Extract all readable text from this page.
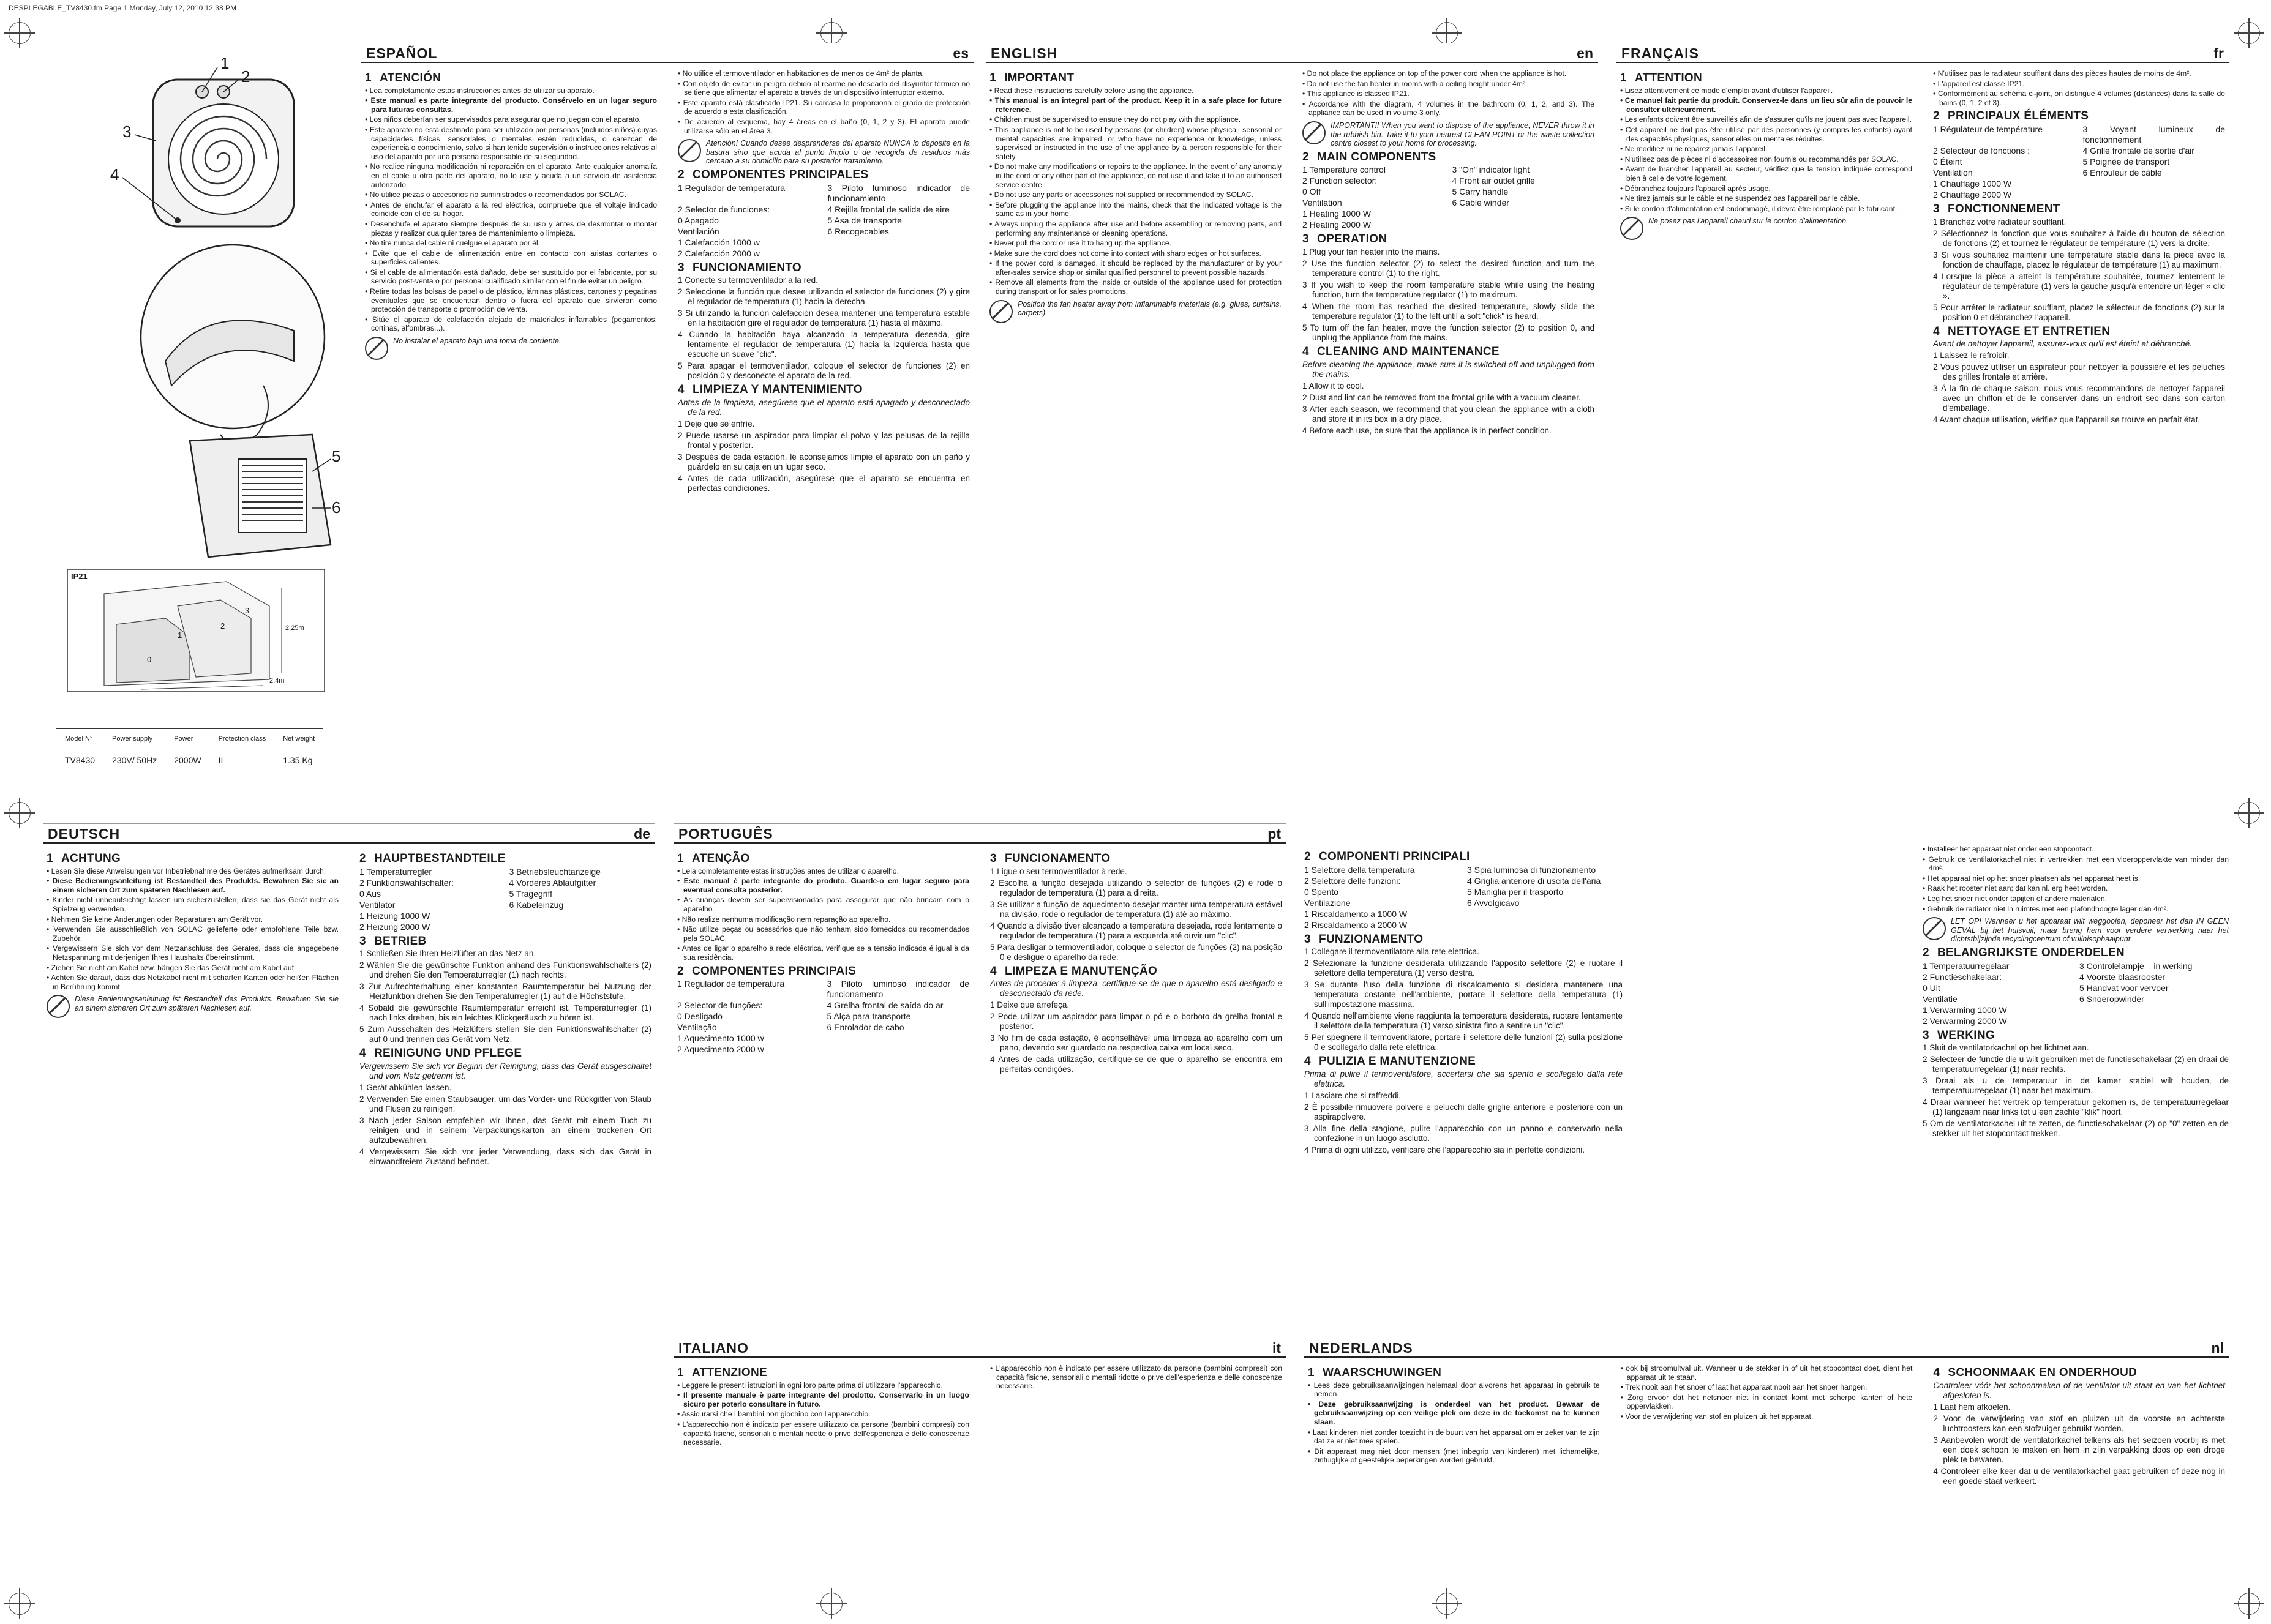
DESPLEGABLE_TV8430.fm Page 1 Monday, July 12, 2010 12:38 PM
1
2
3
4
5
6
IP21
0
1
2
3
2,25m
2,4m
Model N°	Power supply	Power	Protection class	Net weight
TV8430	230V/ 50Hz	2000W	II	1.35 Kg
ESPAÑOL	es
1 ATENCIÓN

• Lea completamente estas instrucciones antes de utilizar su aparato.

• Este manual es parte integrante del producto. Consérvelo en un lugar seguro para futuras consultas.

• Los niños deberían ser supervisados para asegurar que no juegan con el aparato.

• Este aparato no está destinado para ser utilizado por personas (incluidos niños) cuyas capacidades físicas, sensoriales o mentales estén reducidas, o carezcan de experiencia o conocimiento, salvo si han tenido supervisión o instrucciones relativas al uso del aparato por una persona responsable de su seguridad.

• No realice ninguna modificación ni reparación en el aparato. Ante cualquier anomalía en el cable u otra parte del aparato, no lo use y acuda a un servicio de asistencia autorizado.

• No utilice piezas o accesorios no suministrados o recomendados por SOLAC.

• Antes de enchufar el aparato a la red eléctrica, compruebe que el voltaje indicado coincide con el de su hogar.

• Desenchufe el aparato siempre después de su uso y antes de desmontar o montar piezas y realizar cualquier tarea de mantenimiento o limpieza.

• No tire nunca del cable ni cuelgue el aparato por él.

• Evite que el cable de alimentación entre en contacto con aristas cortantes o superficies calientes.

• Si el cable de alimentación está dañado, debe ser sustituido por el fabricante, por su servicio post-venta o por personal cualificado similar con el fin de evitar un peligro.

• Retire todas las bolsas de papel o de plástico, láminas plásticas, cartones y pegatinas eventuales que se encuentran dentro o fuera del aparato que sirvieron como protección de transporte o promoción de venta.

• Sitúe el aparato de calefacción alejado de materiales inflamables (pegamentos, cortinas, alfombras...).

No instalar el aparato bajo una toma de corriente.

• No utilice el termoventilador en habitaciones de menos de 4m² de planta.

• Con objeto de evitar un peligro debido al rearme no deseado del disyuntor térmico no se tiene que alimentar el aparato a través de un dispositivo interruptor externo.

• Este aparato está clasificado IP21. Su carcasa le proporciona el grado de protección de acuerdo a esta clasificación.

• De acuerdo al esquema, hay 4 áreas en el baño (0, 1, 2 y 3). El aparato puede utilizarse sólo en el área 3.

Atención! Cuando desee desprenderse del aparato NUNCA lo deposite en la basura sino que acuda al punto limpio o de recogida de residuos más cercano a su domicilio para su posterior tratamiento.
2 COMPONENTES PRINCIPALES
1 Regulador de temperatura	3 Piloto luminoso indicador de funcionamiento
2 Selector de funciones:	4 Rejilla frontal de salida de aire
0 Apagado	5 Asa de transporte
Ventilación	6 Recogecables
1 Calefacción 1000 w
2 Calefacción 2000 w
3 FUNCIONAMIENTO

1 Conecte su termoventilador a la red.

2 Seleccione la función que desee utilizando el selector de funciones (2) y gire el regulador de temperatura (1) hacia la derecha.

3 Si utilizando la función calefacción desea mantener una temperatura estable en la habitación gire el regulador de temperatura (1) hasta el máximo.

4 Cuando la habitación haya alcanzado la temperatura deseada, gire lentamente el regulador de temperatura (1) hacia la izquierda hasta que escuche un suave "clic".

5 Para apagar el termoventilador, coloque el selector de funciones (2) en posición 0 y desconecte el aparato de la red.

4 LIMPIEZA Y MANTENIMIENTO

Antes de la limpieza, asegúrese que el aparato está apagado y desconectado de la red.

1 Deje que se enfríe.

2 Puede usarse un aspirador para limpiar el polvo y las pelusas de la rejilla frontal y posterior.

3 Después de cada estación, le aconsejamos limpie el aparato con un paño y guárdelo en su caja en un lugar seco.

4 Antes de cada utilización, asegúrese que el aparato se encuentra en perfectas condiciones.

ENGLISH	en
1 IMPORTANT

• Read these instructions carefully before using the appliance.

• This manual is an integral part of the product. Keep it in a safe place for future reference.

• Children must be supervised to ensure they do not play with the appliance.

• This appliance is not to be used by persons (or children) whose physical, sensorial or mental capacities are impaired, or who have no experience or knowledge, unless supervised or instructed in the use of the appliance by a person responsible for their safety.

• Do not make any modifications or repairs to the appliance. In the event of any anomaly in the cord or any other part of the appliance, do not use it and take it to an authorised service centre.

• Do not use any parts or accessories not supplied or recommended by SOLAC.

• Before plugging the appliance into the mains, check that the indicated voltage is the same as in your home.

• Always unplug the appliance after use and before assembling or removing parts, and performing any maintenance or cleaning operations.

• Never pull the cord or use it to hang up the appliance.

• Make sure the cord does not come into contact with sharp edges or hot surfaces.

• If the power cord is damaged, it should be replaced by the manufacturer or by your after-sales service shop or similar qualified personnel to prevent possible hazards.

• Remove all elements from the inside or outside of the appliance used for protection during transport or for sales promotions.

Position the fan heater away from inflammable materials (e.g. glues, curtains, carpets).

• Do not place the appliance on top of the power cord when the appliance is hot.

• Do not use the fan heater in rooms with a ceiling height under 4m².

• This appliance is classed IP21.

• Accordance with the diagram, 4 volumes in the bathroom (0, 1, 2, and 3). The appliance can be used in volume 3 only.

IMPORTANT!! When you want to dispose of the appliance, NEVER throw it in the rubbish bin. Take it to your nearest CLEAN POINT or the waste collection centre closest to your home for processing.
2 MAIN COMPONENTS
1 Temperature control	3 "On" indicator light
2 Function selector:	4 Front air outlet grille
0 Off	5 Carry handle
Ventilation	6 Cable winder
1 Heating 1000 W
2 Heating 2000 W
3 OPERATION

1 Plug your fan heater into the mains.

2 Use the function selector (2) to select the desired function and turn the temperature control (1) to the right.

3 If you wish to keep the room temperature stable while using the heating function, turn the temperature regulator (1) to maximum.

4 When the room has reached the desired temperature, slowly slide the temperature regulator (1) to the left until a soft "click" is heard.

5 To turn off the fan heater, move the function selector (2) to position 0, and unplug the appliance from the mains.

4 CLEANING AND MAINTENANCE

Before cleaning the appliance, make sure it is switched off and unplugged from the mains.

1 Allow it to cool.

2 Dust and lint can be removed from the frontal grille with a vacuum cleaner.

3 After each season, we recommend that you clean the appliance with a cloth and store it in its box in a dry place.

4 Before each use, be sure that the appliance is in perfect condition.

FRANÇAIS	fr
1 ATTENTION

• Lisez attentivement ce mode d'emploi avant d'utiliser l'appareil.

• Ce manuel fait partie du produit. Conservez-le dans un lieu sûr afin de pouvoir le consulter ultérieurement.

• Les enfants doivent être surveillés afin de s'assurer qu'ils ne jouent pas avec l'appareil.

• Cet appareil ne doit pas être utilisé par des personnes (y compris les enfants) ayant des capacités physiques, sensorielles ou mentales réduites.

• Ne modifiez ni ne réparez jamais l'appareil.

• N'utilisez pas de pièces ni d'accessoires non fournis ou recommandés par SOLAC.

• Avant de brancher l'appareil au secteur, vérifiez que la tension indiquée correspond bien à celle de votre logement.

• Débranchez toujours l'appareil après usage.

• Ne tirez jamais sur le câble et ne suspendez pas l'appareil par le câble.

• Si le cordon d'alimentation est endommagé, il devra être remplacé par le fabricant.

Ne posez pas l'appareil chaud sur le cordon d'alimentation.

• N'utilisez pas le radiateur soufflant dans des pièces hautes de moins de 4m².

• L'appareil est classé IP21.

• Conformément au schéma ci-joint, on distingue 4 volumes (distances) dans la salle de bains (0, 1, 2 et 3).

2 PRINCIPAUX ÉLÉMENTS
1 Régulateur de température	3 Voyant lumineux de fonctionnement
2 Sélecteur de fonctions :	4 Grille frontale de sortie d'air
0 Éteint	5 Poignée de transport
Ventilation	6 Enrouleur de câble
1 Chauffage 1000 W
2 Chauffage 2000 W
3 FONCTIONNEMENT

1 Branchez votre radiateur soufflant.

2 Sélectionnez la fonction que vous souhaitez à l'aide du bouton de sélection de fonctions (2) et tournez le régulateur de température (1) vers la droite.

3 Si vous souhaitez maintenir une température stable dans la pièce avec la fonction de chauffage, placez le régulateur de température (1) au maximum.

4 Lorsque la pièce a atteint la température souhaitée, tournez lentement le régulateur de température (1) vers la gauche jusqu'à entendre un léger « clic ».

5 Pour arrêter le radiateur soufflant, placez le sélecteur de fonctions (2) sur la position 0 et débranchez l'appareil.

4 NETTOYAGE ET ENTRETIEN

Avant de nettoyer l'appareil, assurez-vous qu'il est éteint et débranché.

1 Laissez-le refroidir.

2 Vous pouvez utiliser un aspirateur pour nettoyer la poussière et les peluches des grilles frontale et arrière.

3 À la fin de chaque saison, nous vous recommandons de nettoyer l'appareil avec un chiffon et de le conserver dans un endroit sec dans son carton d'emballage.

4 Avant chaque utilisation, vérifiez que l'appareil se trouve en parfait état.

DEUTSCH	de
1 ACHTUNG

• Lesen Sie diese Anweisungen vor Inbetriebnahme des Gerätes aufmerksam durch.

• Diese Bedienungsanleitung ist Bestandteil des Produkts. Bewahren Sie sie an einem sicheren Ort zum späteren Nachlesen auf.

• Kinder nicht unbeaufsichtigt lassen um sicherzustellen, dass sie das Gerät nicht als Spielzeug verwenden.

• Nehmen Sie keine Änderungen oder Reparaturen am Gerät vor.

• Verwenden Sie ausschließlich von SOLAC gelieferte oder empfohlene Teile bzw. Zubehör.

• Vergewissern Sie sich vor dem Netzanschluss des Gerätes, dass die angegebene Netzspannung mit derjenigen Ihres Haushalts übereinstimmt.

• Ziehen Sie nicht am Kabel bzw. hängen Sie das Gerät nicht am Kabel auf.

• Achten Sie darauf, dass das Netzkabel nicht mit scharfen Kanten oder heißen Flächen in Berührung kommt.

Diese Bedienungsanleitung ist Bestandteil des Produkts. Bewahren Sie sie an einem sicheren Ort zum späteren Nachlesen auf.
2 HAUPTBESTANDTEILE
1 Temperaturregler	3 Betriebsleuchtanzeige
2 Funktionswahlschalter:	4 Vorderes Ablaufgitter
0 Aus	5 Tragegriff
Ventilator	6 Kabeleinzug
1 Heizung 1000 W
2 Heizung 2000 W
3 BETRIEB

1 Schließen Sie Ihren Heizlüfter an das Netz an.

2 Wählen Sie die gewünschte Funktion anhand des Funktionswahlschalters (2) und drehen Sie den Temperaturregler (1) nach rechts.

3 Zur Aufrechterhaltung einer konstanten Raumtemperatur bei Nutzung der Heizfunktion drehen Sie den Temperaturregler (1) auf die Höchststufe.

4 Sobald die gewünschte Raumtemperatur erreicht ist, Temperaturregler (1) nach links drehen, bis ein leichtes Klickgeräusch zu hören ist.

5 Zum Ausschalten des Heizlüfters stellen Sie den Funktionswahlschalter (2) auf 0 und trennen das Gerät vom Netz.

4 REINIGUNG UND PFLEGE

Vergewissern Sie sich vor Beginn der Reinigung, dass das Gerät ausgeschaltet und vom Netz getrennt ist.

1 Gerät abkühlen lassen.

2 Verwenden Sie einen Staubsauger, um das Vorder- und Rückgitter von Staub und Flusen zu reinigen.

3 Nach jeder Saison empfehlen wir Ihnen, das Gerät mit einem Tuch zu reinigen und in seinem Verpackungskarton an einem trockenen Ort aufzubewahren.

4 Vergewissern Sie sich vor jeder Verwendung, dass sich das Gerät in einwandfreiem Zustand befindet.

PORTUGUÊS	pt
1 ATENÇÃO

• Leia completamente estas instruções antes de utilizar o aparelho.

• Este manual é parte integrante do produto. Guarde-o em lugar seguro para eventual consulta posterior.

• As crianças devem ser supervisionadas para assegurar que não brincam com o aparelho.

• Não realize nenhuma modificação nem reparação ao aparelho.

• Não utilize peças ou acessórios que não tenham sido fornecidos ou recomendados pela SOLAC.

• Antes de ligar o aparelho à rede eléctrica, verifique se a tensão indicada é igual à da sua residência.

2 COMPONENTES PRINCIPAIS
1 Regulador de temperatura	3 Piloto luminoso indicador de funcionamento
2 Selector de funções:	4 Grelha frontal de saída do ar
0 Desligado	5 Alça para transporte
Ventilação	6 Enrolador de cabo
1 Aquecimento 1000 w
2 Aquecimento 2000 w
3 FUNCIONAMENTO

1 Ligue o seu termoventilador à rede.

2 Escolha a função desejada utilizando o selector de funções (2) e rode o regulador de temperatura (1) para a direita.

3 Se utilizar a função de aquecimento desejar manter uma temperatura estável na divisão, rode o regulador de temperatura (1) até ao máximo.

4 Quando a divisão tiver alcançado a temperatura desejada, rode lentamente o regulador de temperatura (1) para a esquerda até ouvir um "clic".

5 Para desligar o termoventilador, coloque o selector de funções (2) na posição 0 e desligue o aparelho da rede.

4 LIMPEZA E MANUTENÇÃO

Antes de proceder à limpeza, certifique-se de que o aparelho está desligado e desconectado da rede.

1 Deixe que arrefeça.

2 Pode utilizar um aspirador para limpar o pó e o borboto da grelha frontal e posterior.

3 No fim de cada estação, é aconselhável uma limpeza ao aparelho com um pano, devendo ser guardado na respectiva caixa em local seco.

4 Antes de cada utilização, certifique-se de que o aparelho se encontra em perfeitas condições.

ITALIANO	it
1 ATTENZIONE

• Leggere le presenti istruzioni in ogni loro parte prima di utilizzare l'apparecchio.

• Il presente manuale è parte integrante del prodotto. Conservarlo in un luogo sicuro per poterlo consultare in futuro.

• Assicurarsi che i bambini non giochino con l'apparecchio.

• L'apparecchio non è indicato per essere utilizzato da persone (bambini compresi) con capacità fisiche, sensoriali o mentali ridotte o prive dell'esperienza e delle conoscenze necessarie.

• L'apparecchio non è indicato per essere utilizzato da persone (bambini compresi) con capacità fisiche, sensoriali o mentali ridotte o prive dell'esperienza e delle conoscenze necessarie.

2 COMPONENTI PRINCIPALI
1 Selettore della temperatura	3 Spia luminosa di funzionamento
2 Selettore delle funzioni:	4 Griglia anteriore di uscita dell'aria
0 Spento	5 Maniglia per il trasporto
Ventilazione	6 Avvolgicavo
1 Riscaldamento a 1000 W
2 Riscaldamento a 2000 W
3 FUNZIONAMENTO

1 Collegare il termoventilatore alla rete elettrica.

2 Selezionare la funzione desiderata utilizzando l'apposito selettore (2) e ruotare il selettore della temperatura (1) verso destra.

3 Se durante l'uso della funzione di riscaldamento si desidera mantenere una temperatura costante nell'ambiente, portare il selettore della temperatura (1) sull'impostazione massima.

4 Quando nell'ambiente viene raggiunta la temperatura desiderata, ruotare lentamente il selettore della temperatura (1) verso sinistra fino a sentire un "clic".

5 Per spegnere il termoventilatore, portare il selettore delle funzioni (2) sulla posizione 0 e scollegarlo dalla rete elettrica.

4 PULIZIA E MANUTENZIONE

Prima di pulire il termoventilatore, accertarsi che sia spento e scollegato dalla rete elettrica.

1 Lasciare che si raffreddi.

2 È possibile rimuovere polvere e pelucchi dalle griglie anteriore e posteriore con un aspirapolvere.

3 Alla fine della stagione, pulire l'apparecchio con un panno e conservarlo nella confezione in un luogo asciutto.

4 Prima di ogni utilizzo, verificare che l'apparecchio sia in perfette condizioni.

• Installeer het apparaat niet onder een stopcontact.

• Gebruik de ventilatorkachel niet in vertrekken met een vloeroppervlakte van minder dan 4m².

• Het apparaat niet op het snoer plaatsen als het apparaat heet is.

• Raak het rooster niet aan; dat kan nl. erg heet worden.

• Leg het snoer niet onder tapijten of andere materialen.

• Gebruik de radiator niet in ruimtes met een plafondhoogte lager dan 4m².

LET OP! Wanneer u het apparaat wilt weggooien, deponeer het dan IN GEEN GEVAL bij het huisvuil, maar breng hem voor verdere verwerking naar het dichtstbijzijnde recyclingcentrum of vuilnisophaalpunt.
2 BELANGRIJKSTE ONDERDELEN
1 Temperatuurregelaar	3 Controlelampje – in werking
2 Functieschakelaar:	4 Voorste blaasrooster
0 Uit	5 Handvat voor vervoer
Ventilatie	6 Snoeropwinder
1 Verwarming 1000 W
2 Verwarming 2000 W
3 WERKING

1 Sluit de ventilatorkachel op het lichtnet aan.

2 Selecteer de functie die u wilt gebruiken met de functieschakelaar (2) en draai de temperatuurregelaar (1) naar rechts.

3 Draai als u de temperatuur in de kamer stabiel wilt houden, de temperatuurregelaar (1) naar het maximum.

4 Draai wanneer het vertrek op temperatuur gekomen is, de temperatuurregelaar (1) langzaam naar links tot u een zachte "klik" hoort.

5 Om de ventilatorkachel uit te zetten, de functieschakelaar (2) op "0" zetten en de stekker uit het stopcontact trekken.

NEDERLANDS	nl
1 WAARSCHUWINGEN

• Lees deze gebruiksaanwijzingen helemaal door alvorens het apparaat in gebruik te nemen.

• Deze gebruiksaanwijzing is onderdeel van het product. Bewaar de gebruiksaanwijzing op een veilige plek om deze in de toekomst na te kunnen slaan.

• Laat kinderen niet zonder toezicht in de buurt van het apparaat om er zeker van te zijn dat ze er niet mee spelen.

• Dit apparaat mag niet door mensen (met inbegrip van kinderen) met lichamelijke, zintuiglijke of geestelijke beperkingen worden gebruikt.

• ook bij stroomuitval uit. Wanneer u de stekker in of uit het stopcontact doet, dient het apparaat uit te staan.

• Trek nooit aan het snoer of laat het apparaat nooit aan het snoer hangen.

• Zorg ervoor dat het netsnoer niet in contact komt met scherpe kanten of hete oppervlakken.

• Voor de verwijdering van stof en pluizen uit het apparaat.

4 SCHOONMAAK EN ONDERHOUD

Controleer vóór het schoonmaken of de ventilator uit staat en van het lichtnet afgesloten is.

1 Laat hem afkoelen.

2 Voor de verwijdering van stof en pluizen uit de voorste en achterste luchtroosters kan een stofzuiger gebruikt worden.

3 Aanbevolen wordt de ventilatorkachel telkens als het seizoen voorbij is met een doek schoon te maken en hem in zijn verpakking doos op een droge plek te bewaren.

4 Controleer elke keer dat u de ventilatorkachel gaat gebruiken of deze nog in een goede staat verkeert.
